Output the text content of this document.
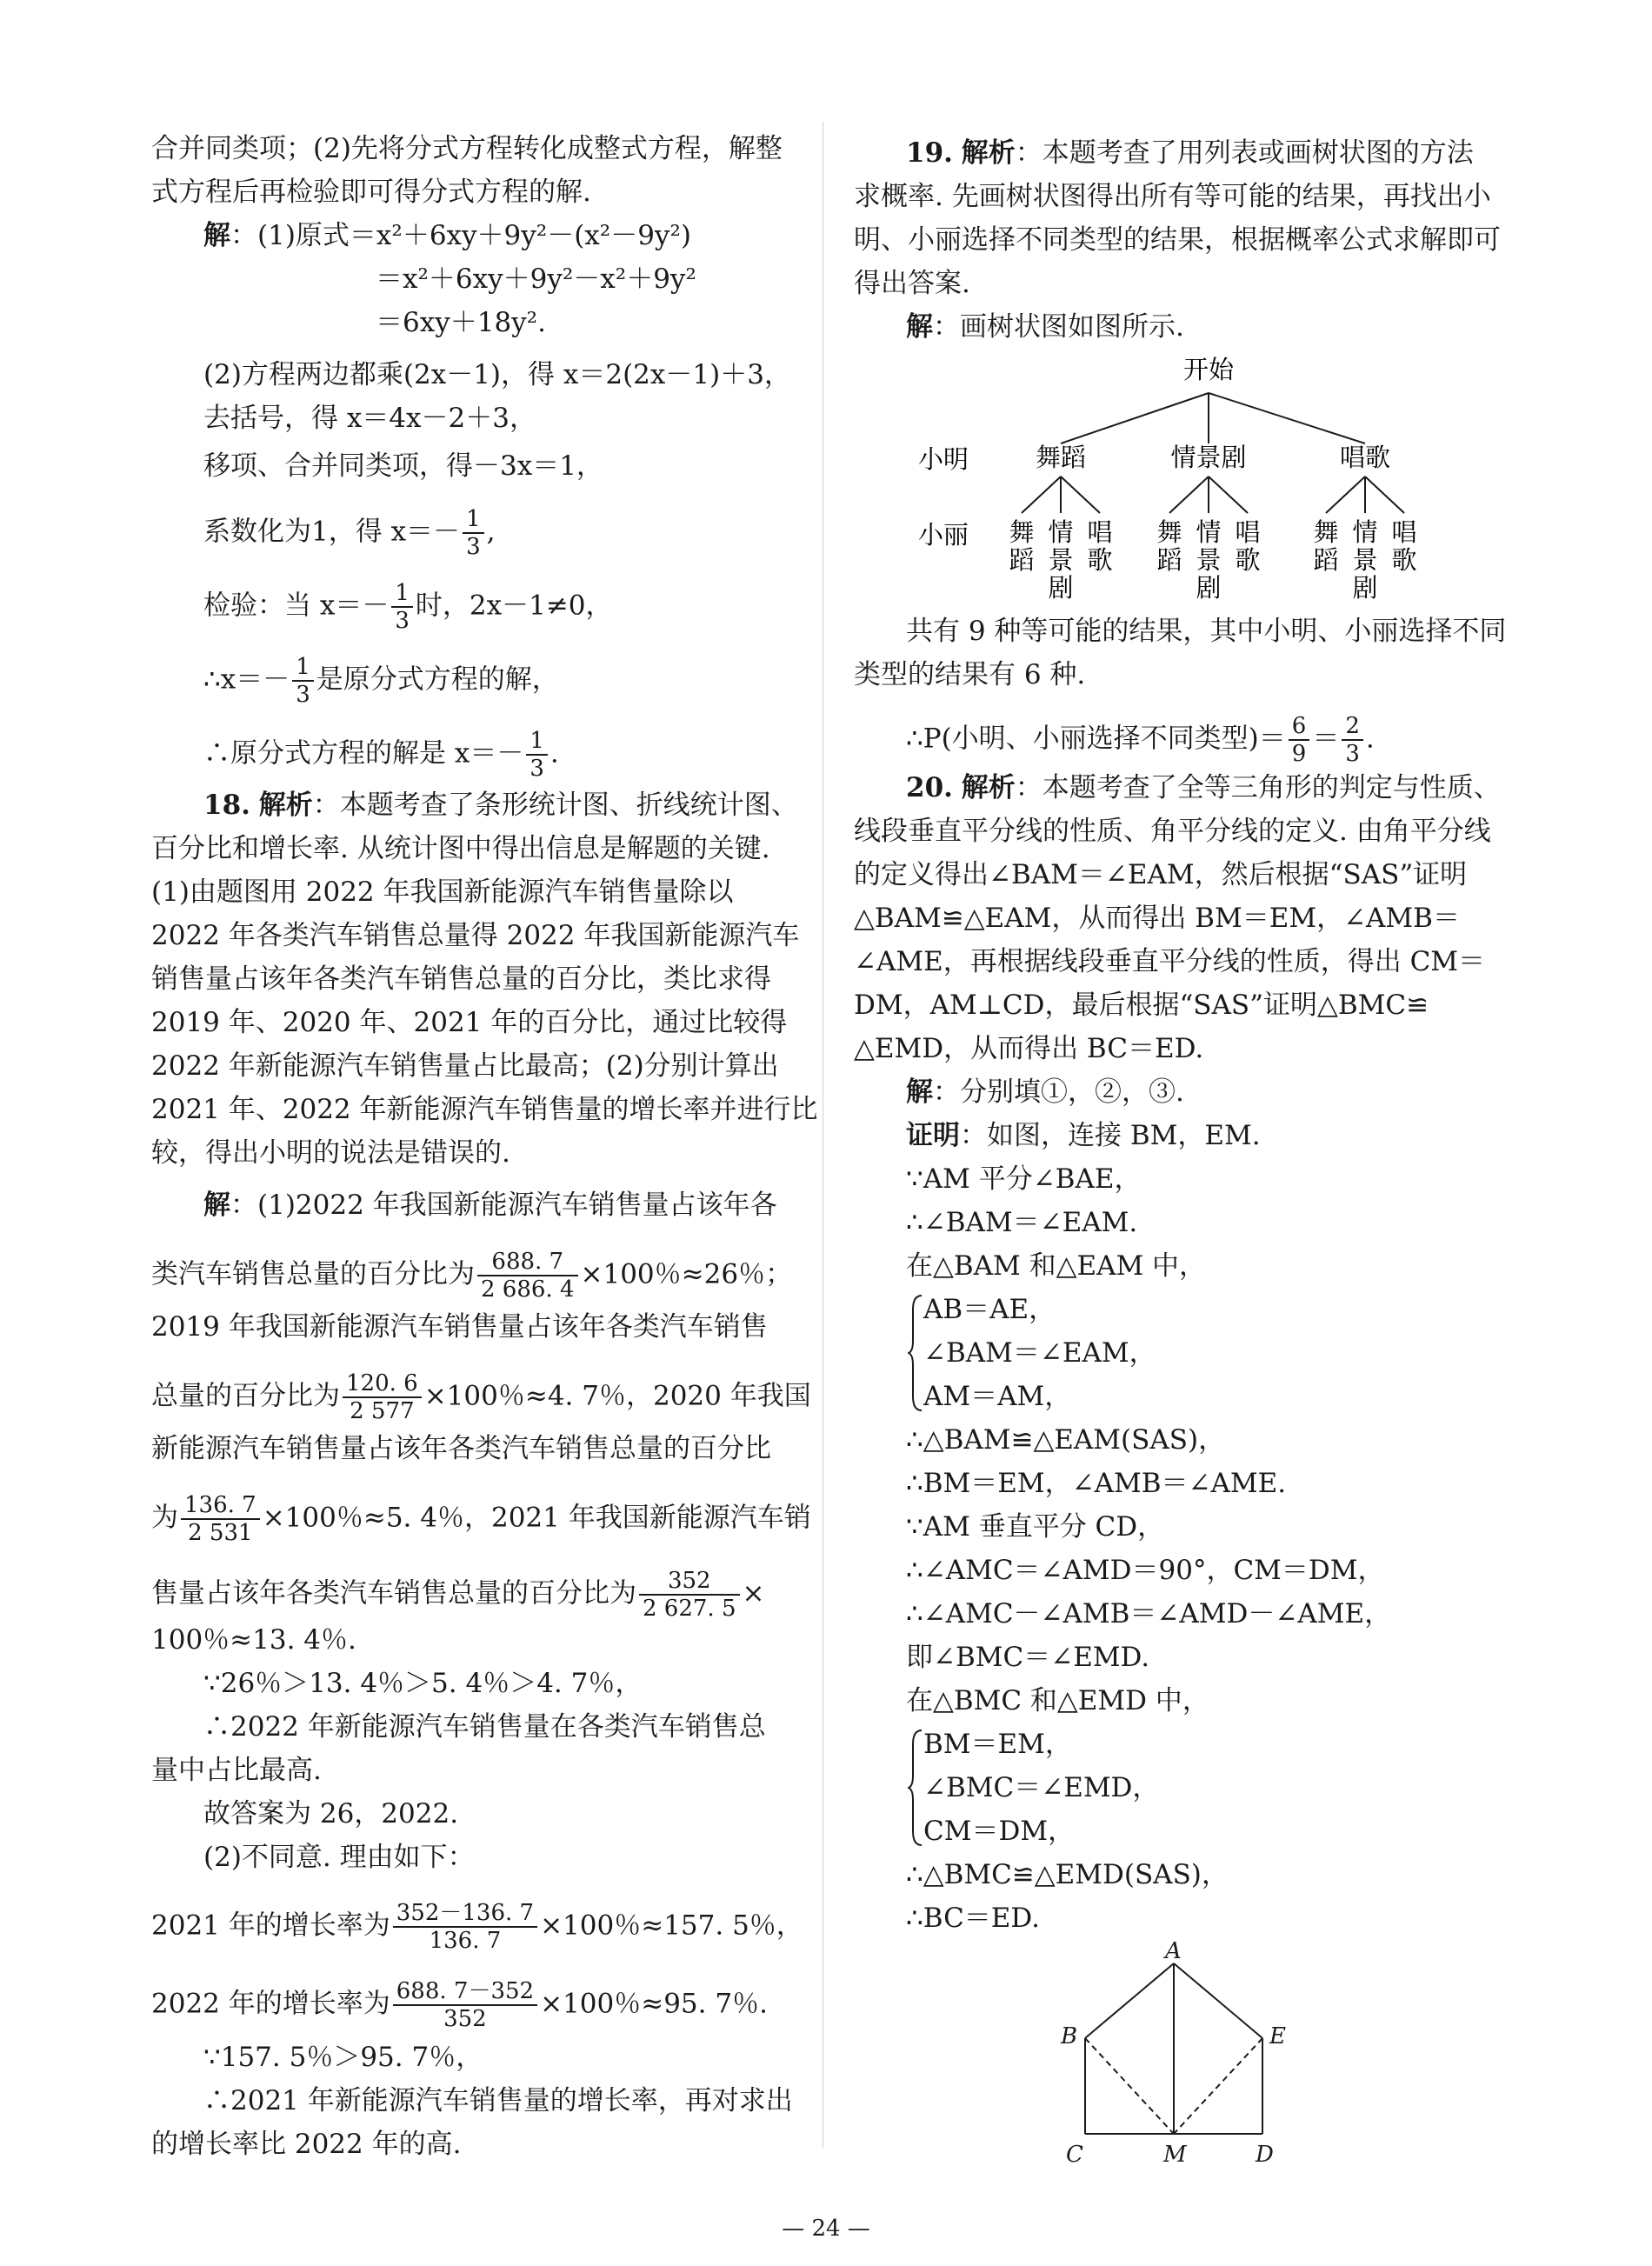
合并同类项；(2)先将分式方程转化成整式方程，解整
式方程后再检验即可得分式方程的解.
解：(1)原式＝x²＋6xy＋9y²－(x²－9y²)
＝x²＋6xy＋9y²－x²＋9y²
＝6xy＋18y².
(2)方程两边都乘(2x－1)，得 x＝2(2x－1)＋3，
去括号，得 x＝4x－2＋3，
移项、合并同类项，得－3x＝1，
系数化为1，得 $x=- \frac{1}{3}$ ,
检验：当 $x=- \frac{1}{3}$ 时，2x－1≠0，
∴x＝－ $\frac{1}{3}$ 是原分式方程的解，
∴原分式方程的解是 $x=- \frac{1}{3}$ .
18. 解析：本题考查了条形统计图、折线统计图、
百分比和增长率. 从统计图中得出信息是解题的关键.
(1)由题图用 2022 年我国新能源汽车销售量除以
2022 年各类汽车销售总量得 2022 年我国新能源汽车
销售量占该年各类汽车销售总量的百分比，类比求得
2019 年、2020 年、2021 年的百分比，通过比较得
2022 年新能源汽车销售量占比最高；(2)分别计算出
2021 年、2022 年新能源汽车销售量的增长率并进行比
较，得出小明的说法是错误的.
解：(1)2022 年我国新能源汽车销售量占该年各
类汽车销售总量的百分比为 $\frac{688. 7}{2 686. 4} \times 100$％≈26％；
2019 年我国新能源汽车销售量占该年各类汽车销售
总量的百分比为 $\frac{120. 6}{2 577} \times 100$％≈4. 7％，2020 年我国
新能源汽车销售量占该年各类汽车销售总量的百分比
为 $\frac{136. 7}{2 531} \times 100$％≈5. 4％，2021 年我国新能源汽车销
售量占该年各类汽车销售总量的百分比为 $\frac{352}{2 627. 5}$ ×
100％≈13. 4％.
∵26％＞13. 4％＞5. 4％＞4. 7％，
∴2022 年新能源汽车销售量在各类汽车销售总
量中占比最高.
故答案为 26，2022.
(2)不同意. 理由如下：
2021 年的增长率为 $\frac{352-136. 7}{136. 7} \times 100$％≈157. 5％，
2022 年的增长率为 $\frac{688. 7-352}{352} \times 100$％≈95. 7％.
∵157. 5％＞95. 7％，
∴2021 年新能源汽车销售量的增长率，再对求出
的增长率比 2022 年的高.
19. 解析：本题考查了用列表或画树状图的方法
求概率. 先画树状图得出所有等可能的结果，再找出小
明、小丽选择不同类型的结果，根据概率公式求解即可
得出答案.
解：画树状图如图所示.
开始
小明
小丽
舞蹈	情景剧	唱歌
舞
蹈
情
景
剧
唱
歌
舞
蹈
情
景
剧
唱
歌
舞
蹈
情
景
剧
唱
歌
共有 9 种等可能的结果，其中小明、小丽选择不同
类型的结果有 6 种.
∴P(小明、小丽选择不同类型)＝ $\frac{6}{9} = \frac{2}{3}$ .
20. 解析：本题考查了全等三角形的判定与性质、
线段垂直平分线的性质、角平分线的定义. 由角平分线
的定义得出∠BAM＝∠EAM，然后根据“SAS”证明
△BAM≌△EAM，从而得出 BM＝EM，∠AMB＝
∠AME，再根据线段垂直平分线的性质，得出 CM＝
DM，AM⊥CD，最后根据“SAS”证明△BMC≌
△EMD，从而得出 BC＝ED.
解：分别填①，②，③.
证明：如图，连接 BM，EM.
∵AM 平分∠BAE，
∴∠BAM＝∠EAM.
在△BAM 和△EAM 中，
AB＝AE，
∠BAM＝∠EAM，
AM＝AM，
∴△BAM≌△EAM(SAS)，
∴BM＝EM，∠AMB＝∠AME.
∵AM 垂直平分 CD，
∴∠AMC＝∠AMD＝90°，CM＝DM，
∴∠AMC－∠AMB＝∠AMD－∠AME，
即∠BMC＝∠EMD.
在△BMC 和△EMD 中，
BM＝EM，
∠BMC＝∠EMD，
CM＝DM，
∴△BMC≌△EMD(SAS)，
∴BC＝ED.
A
B	E
C	M	D
— 24 —
